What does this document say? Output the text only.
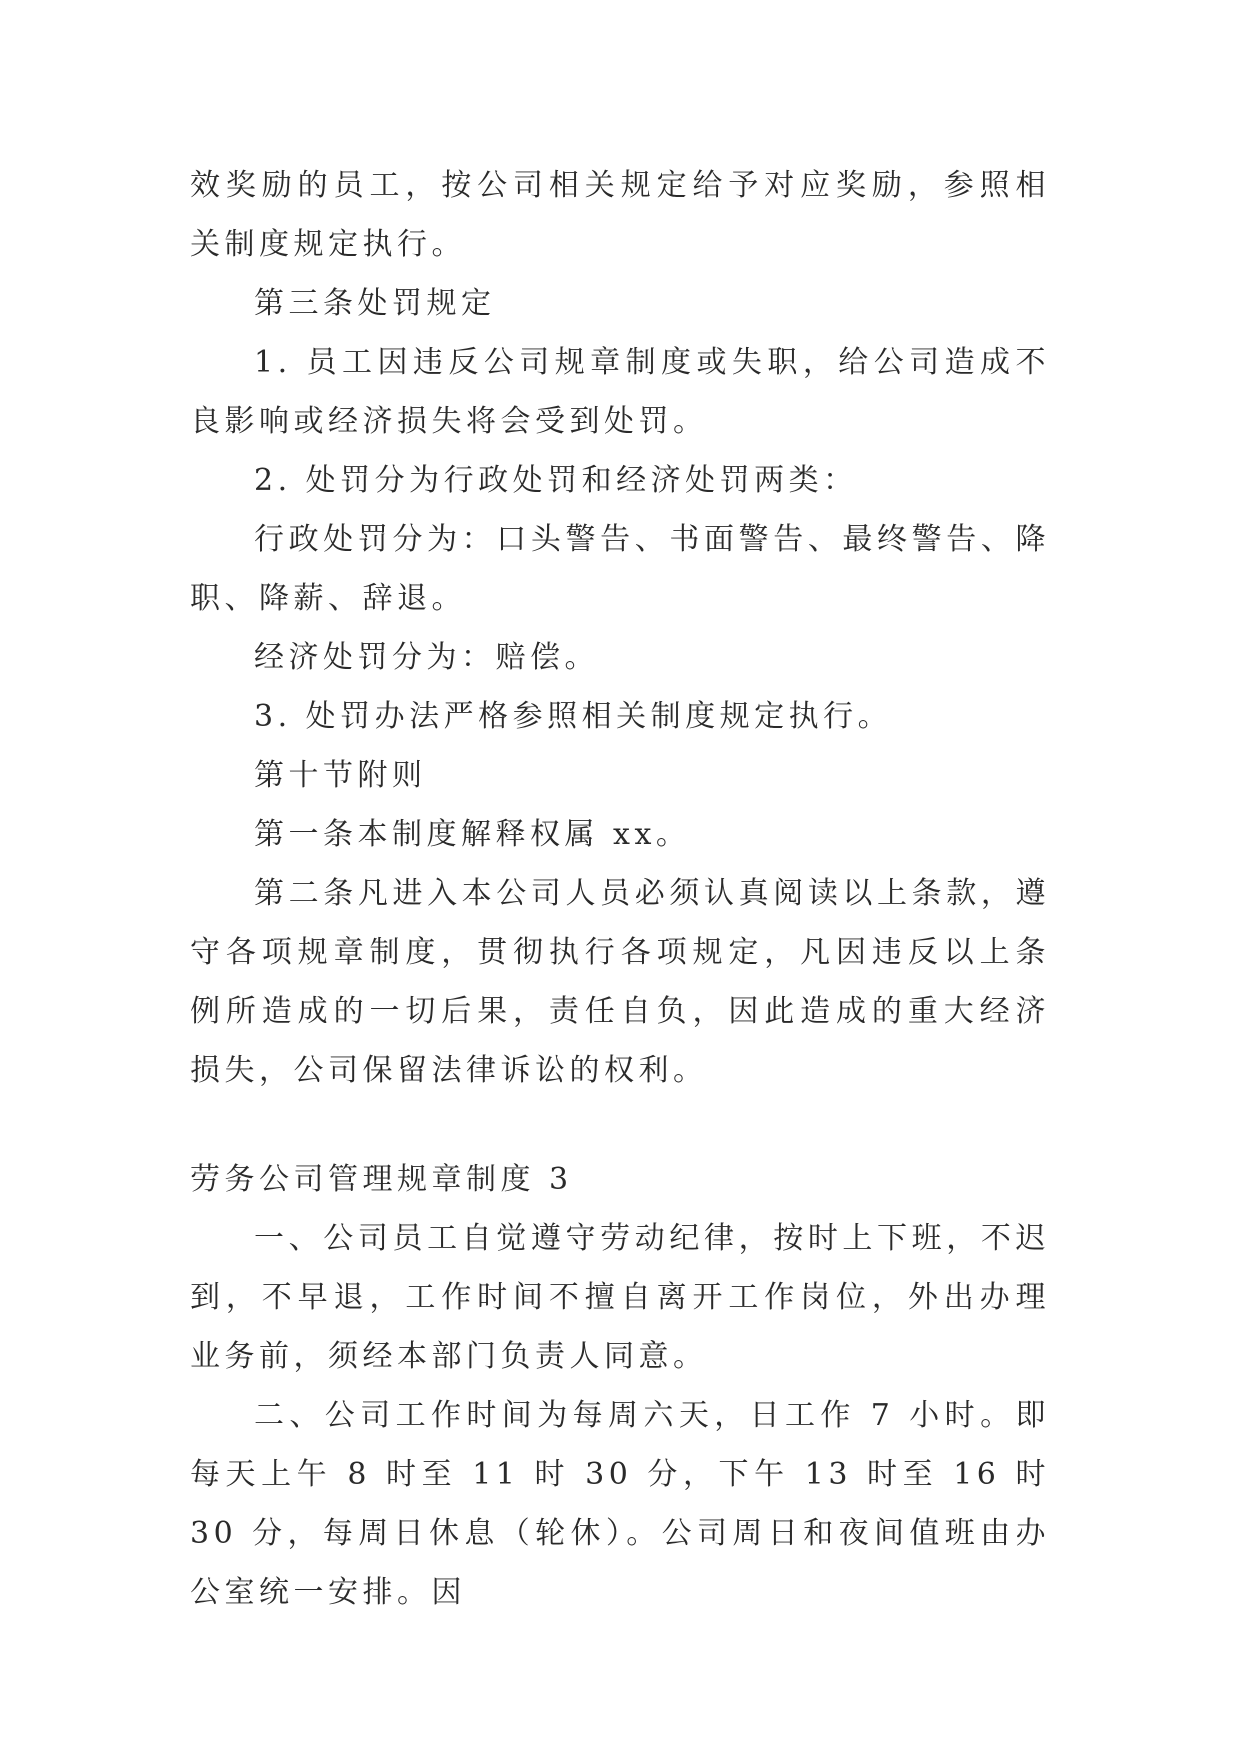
效奖励的员工，按公司相关规定给予对应奖励，参照相关制度规定执行。

第三条处罚规定

1. 员工因违反公司规章制度或失职，给公司造成不良影响或经济损失将会受到处罚。

2. 处罚分为行政处罚和经济处罚两类：

行政处罚分为：口头警告、书面警告、最终警告、降职、降薪、辞退。

经济处罚分为：赔偿。

3. 处罚办法严格参照相关制度规定执行。

第十节附则

第一条本制度解释权属 xx。

第二条凡进入本公司人员必须认真阅读以上条款，遵守各项规章制度，贯彻执行各项规定，凡因违反以上条例所造成的一切后果，责任自负，因此造成的重大经济损失，公司保留法律诉讼的权利。

劳务公司管理规章制度 3

一、公司员工自觉遵守劳动纪律，按时上下班，不迟到，不早退，工作时间不擅自离开工作岗位，外出办理业务前，须经本部门负责人同意。

二、公司工作时间为每周六天，日工作 7 小时。即每天上午 8 时至 11 时 30 分，下午 13 时至 16 时 30 分，每周日休息（轮休）。公司周日和夜间值班由办公室统一安排。因
